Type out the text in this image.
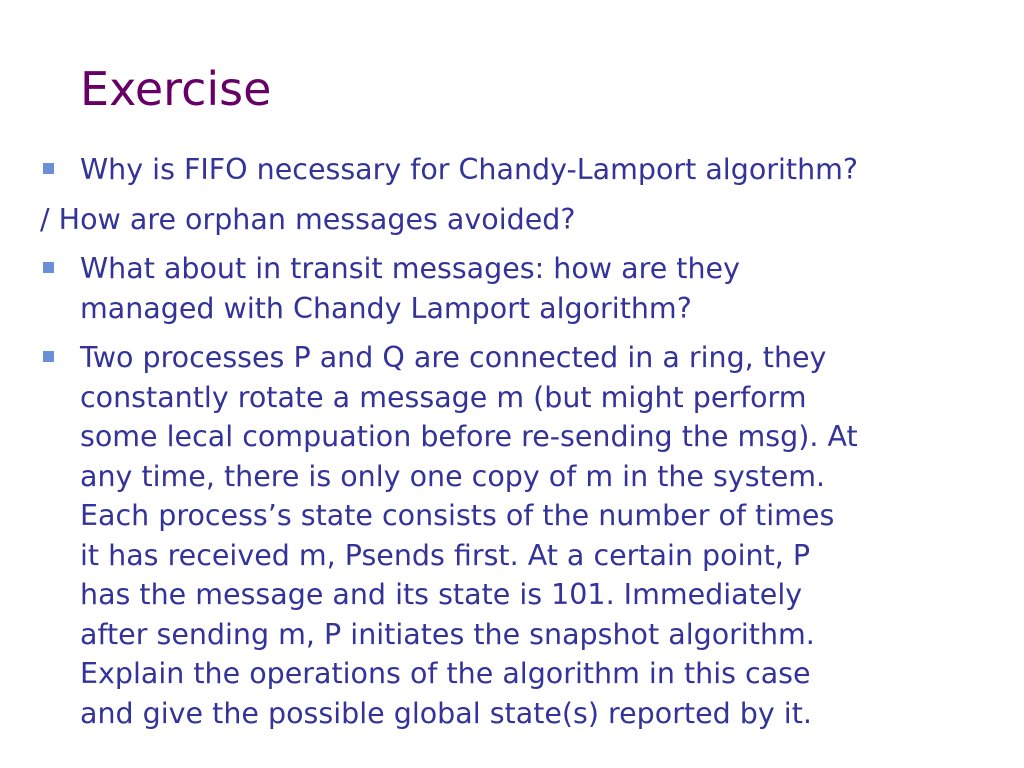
Exercise

Why is FIFO necessary for Chandy-Lamport algorithm?

/ How are orphan messages avoided?

What about in transit messages: how are they
managed with Chandy Lamport algorithm?

Two processes P and Q are connected in a ring, they
constantly rotate a message m (but might perform
some lecal compuation before re-sending the msg). At
any time, there is only one copy of m in the system.
Each process’s state consists of the number of times
it has received m, Psends first. At a certain point, P
has the message and its state is 101. Immediately
after sending m, P initiates the snapshot algorithm.
Explain the operations of the algorithm in this case
and give the possible global state(s) reported by it.
